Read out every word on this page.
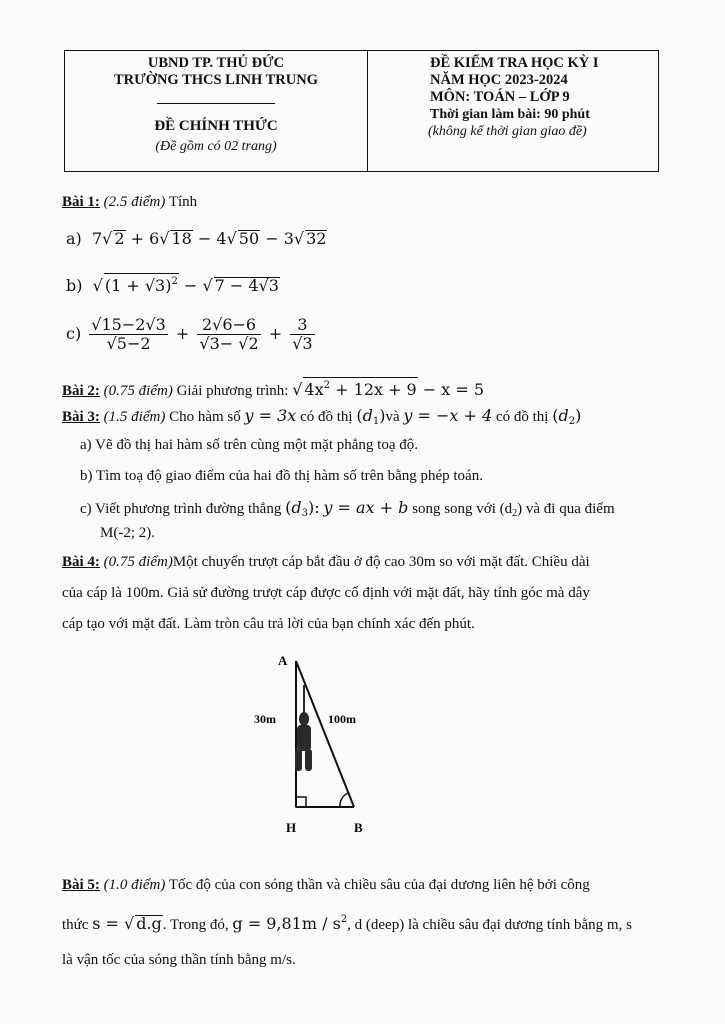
UBND TP. THỦ ĐỨC
TRƯỜNG THCS LINH TRUNG
ĐỀ CHÍNH THỨC
(Đề gồm có 02 trang)
ĐỀ KIỂM TRA HỌC KỲ I
NĂM HỌC 2023-2024
MÔN: TOÁN – LỚP 9
Thời gian làm bài: 90 phút
(không kể thời gian giao đề)
Bài 1: (2.5 điểm) Tính
a)  7√ 2 + 6√ 18 − 4√ 50 − 3√ 32
b)  √ $(1 + √3)^2$ − √ 7 − 4√3
$c) \frac{√15-2√3}{√5-2} + \frac{2√6-6}{√3- √2} + \frac{3}{√3}$
Bài 2: (0.75 điểm) Giải phương trình: √ $4x^2 + 12x + 9 - x = 5$
Bài 3: (1.5 điểm) Cho hàm số y = 3x có đồ thị $(d_1)và$ y = −x + 4 có đồ thị $(d_2)$
a) Vẽ đồ thị hai hàm số trên cùng một mặt phẳng toạ độ.
b) Tìm toạ độ giao điểm của hai đồ thị hàm số trên bằng phép toán.
c) Viết phương trình đường thẳng $(d_3)$: y = ax + b song song với $(d_2)$ và đi qua điểm
M(-2; 2).
Bài 4: (0.75 điểm)Một chuyến trượt cáp bắt đầu ở độ cao 30m so với mặt đất. Chiều dài
của cáp là 100m. Giả sử đường trượt cáp được cố định với mặt đất, hãy tính góc mà dây
cáp tạo với mặt đất. Làm tròn câu trả lời của bạn chính xác đến phút.
A
30m	100m
H	B
Bài 5: (1.0 điểm) Tốc độ của con sóng thần và chiều sâu của đại dương liên hệ bởi công
thức s = √ d.g. Trong đó, $g = 9,81m / s^2$, d (deep) là chiều sâu đại dương tính bằng m, s
là vận tốc của sóng thần tính bằng m/s.
